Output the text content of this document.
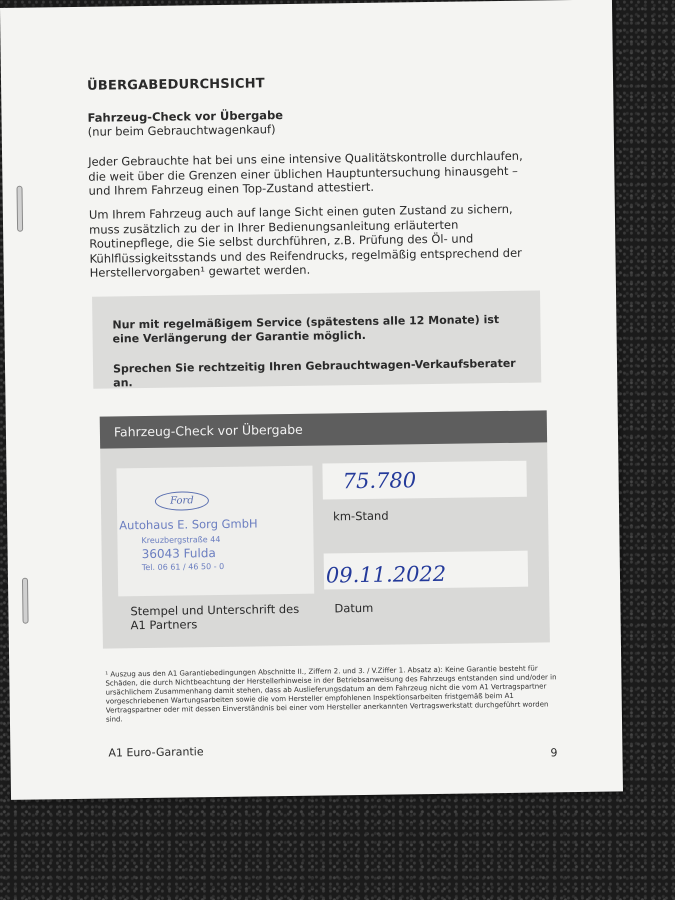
ÜBERGABEDURCHSICHT
Fahrzeug-Check vor Übergabe
(nur beim Gebrauchtwagenkauf)

Jeder Gebrauchte hat bei uns eine intensive Qualitätskontrolle durchlaufen, die weit über die Grenzen einer üblichen Hauptuntersuchung hinausgeht – und Ihrem Fahrzeug einen Top-Zustand attestiert.

Um Ihrem Fahrzeug auch auf lange Sicht einen guten Zustand zu sichern, muss zusätzlich zu der in Ihrer Bedienungsanleitung erläuterten Routinepflege, die Sie selbst durchführen, z.B. Prüfung des Öl- und Kühlflüssigkeitsstands und des Reifendrucks, regelmäßig entsprechend der Herstellervorgaben¹ gewartet werden.

Nur mit regelmäßigem Service (spätestens alle 12 Monate) ist eine Verlängerung der Garantie möglich.

Sprechen Sie rechtzeitig Ihren Gebrauchtwagen-Verkaufsberater an.

Fahrzeug-Check vor Übergabe
Ford
Autohaus E. Sorg GmbH
Kreuzbergstraße 44
36043 Fulda
Tel. 06 61 / 46 50 - 0
Stempel und Unterschrift des A1 Partners
75.780
km-Stand
09.11.2022
Datum

¹ Auszug aus den A1 Garantiebedingungen Abschnitte II., Ziffern 2. und 3. / V.Ziffer 1. Absatz a): Keine Garantie besteht für Schäden, die durch Nichtbeachtung der Herstellerhinweise in der Betriebsanweisung des Fahrzeugs entstanden sind und/oder in ursächlichem Zusammenhang damit stehen, dass ab Auslieferungsdatum an dem Fahrzeug nicht die vom A1 Vertragspartner vorgeschriebenen Wartungsarbeiten sowie die vom Hersteller empfohlenen Inspektionsarbeiten fristgemäß beim A1 Vertragspartner oder mit dessen Einverständnis bei einer vom Hersteller anerkannten Vertragswerkstatt durchgeführt worden sind.

A1 Euro-Garantie	9
